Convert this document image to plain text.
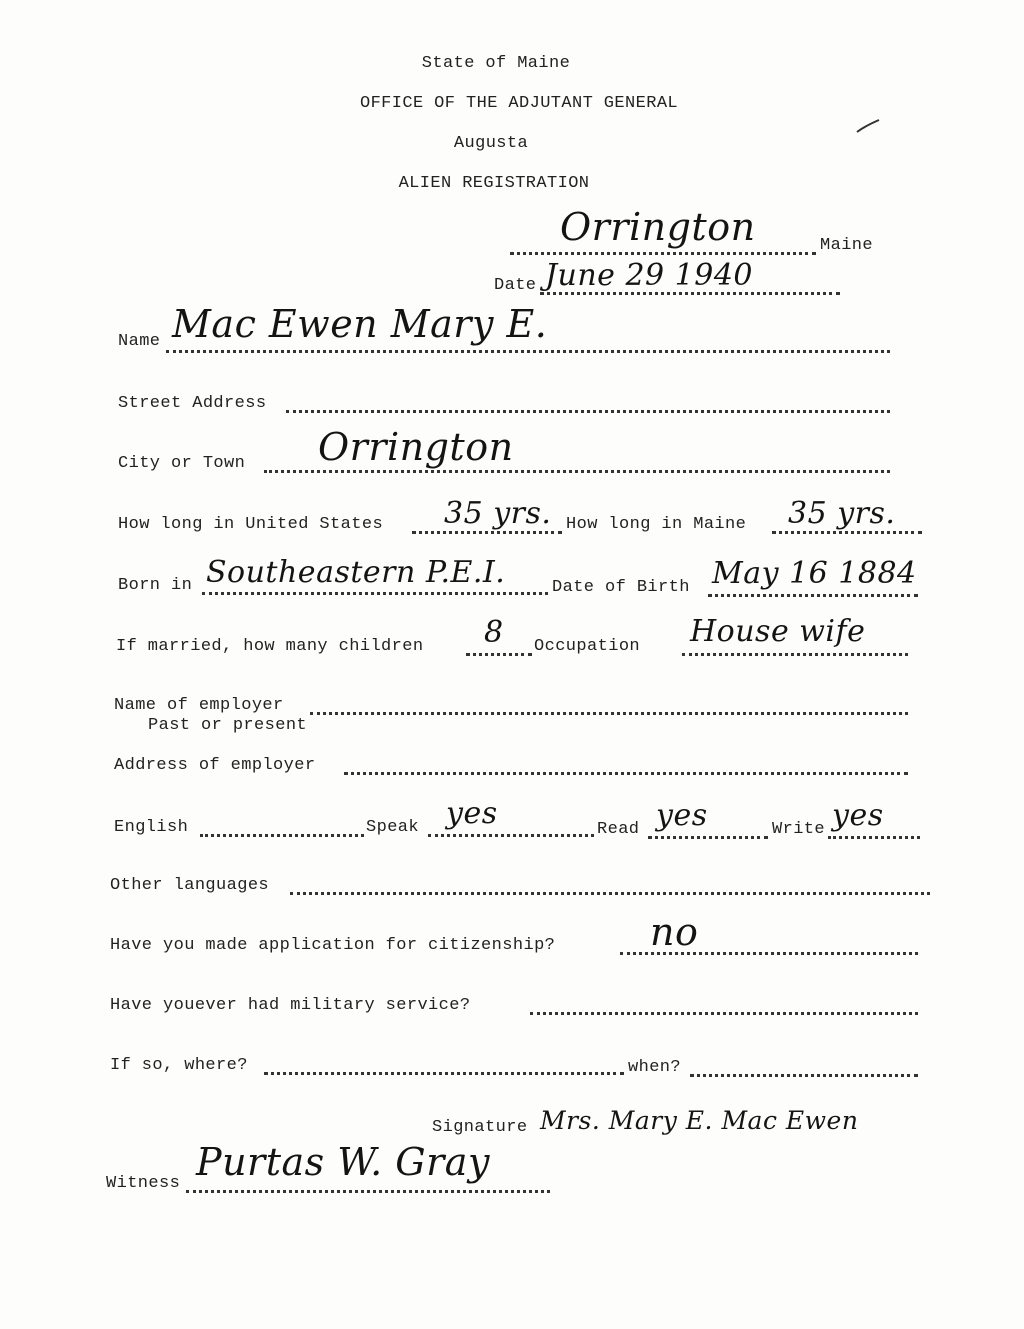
State of Maine
OFFICE OF THE ADJUTANT GENERAL
Augusta
ALIEN REGISTRATION
Orrington	Maine
Date June 29 1940
Name Mac Ewen Mary E.
Street Address
City or Town Orrington
How long in United States 35 yrs. How long in Maine 35 yrs.
Born in Southeastern P.E.I.	Date of Birth May 16 1884
If married, how many children 8 Occupation House wife
Name of employer
Past or present
Address of employer
English	Speak yes	Read yes	Write yes
Other languages
Have you made application for citizenship? no
Have youever had military service?
If so, where?	when?
Signature Mrs. Mary E. Mac Ewen
Witness Purtas W. Gray
